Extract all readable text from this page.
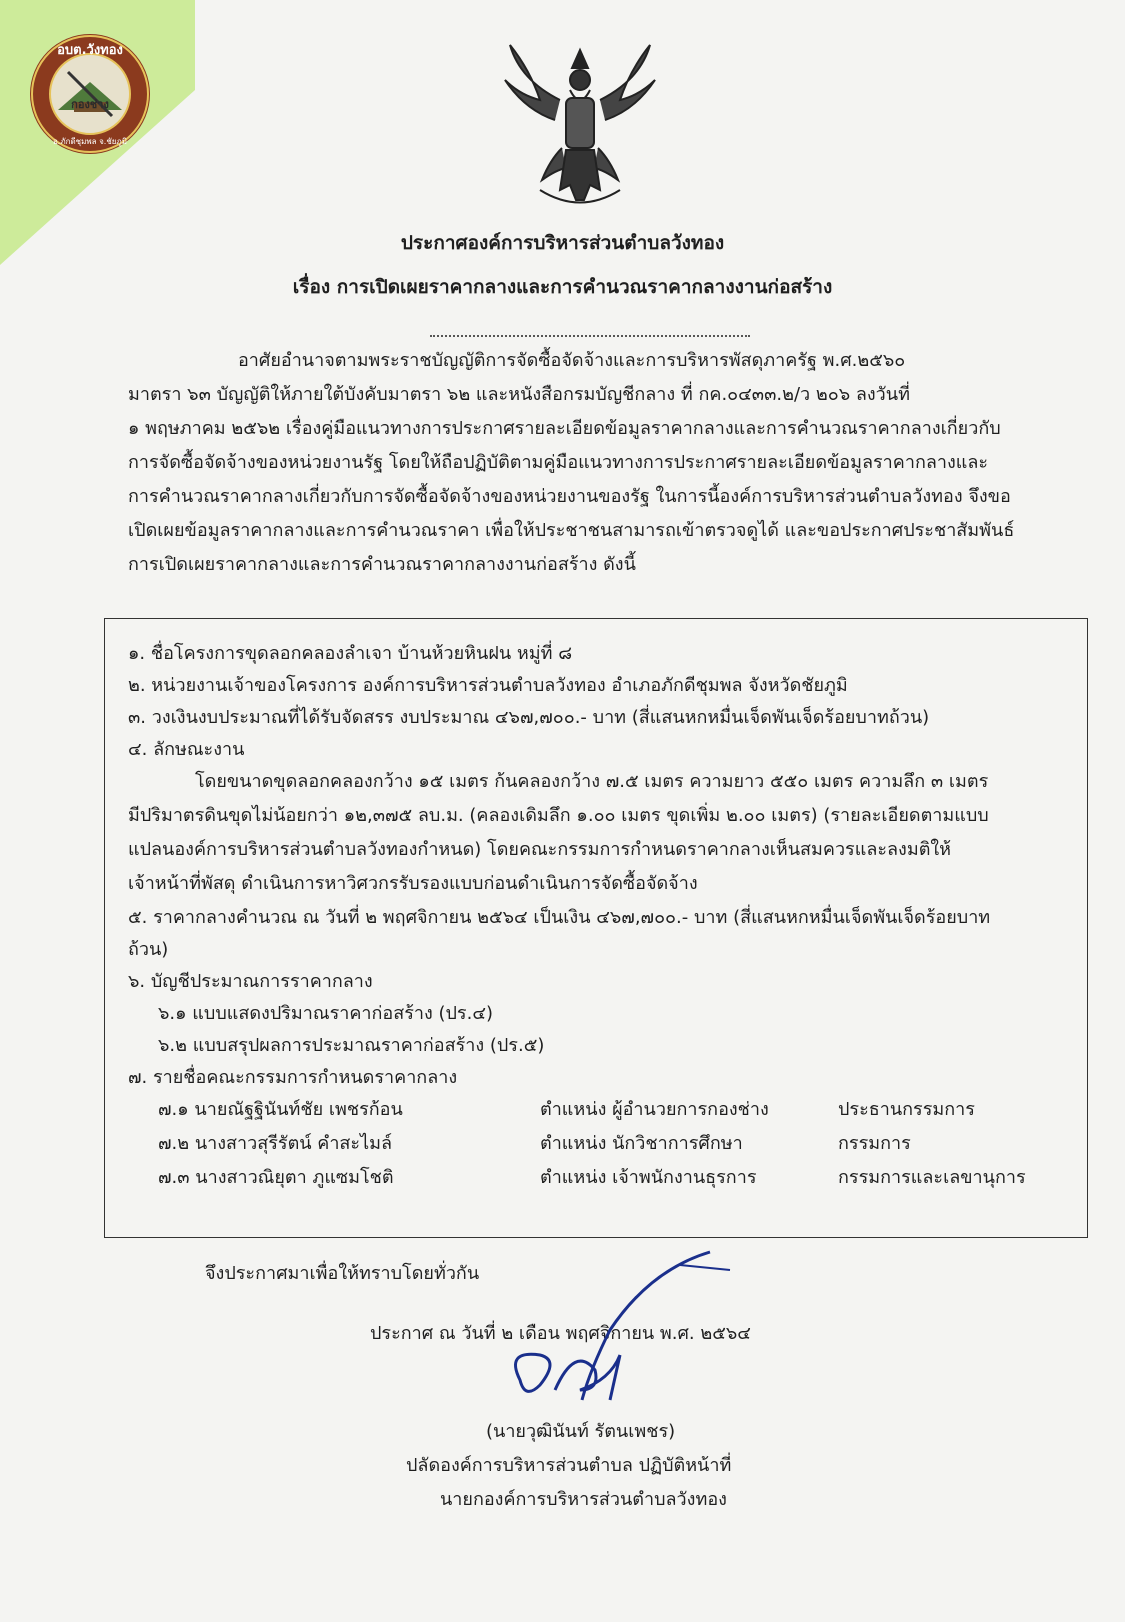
อบต.วังทอง
กองช่าง
อ.ภักดีชุมพล จ.ชัยภูมิ
ประกาศองค์การบริหารส่วนตำบลวังทอง
เรื่อง การเปิดเผยราคากลางและการคำนวณราคากลางงานก่อสร้าง
อาศัยอำนาจตามพระราชบัญญัติการจัดซื้อจัดจ้างและการบริหารพัสดุภาครัฐ พ.ศ.๒๕๖๐
มาตรา ๖๓ บัญญัติให้ภายใต้บังคับมาตรา ๖๒ และหนังสือกรมบัญชีกลาง ที่ กค.๐๔๓๓.๒/ว ๒๐๖ ลงวันที่
๑ พฤษภาคม ๒๕๖๒ เรื่องคู่มือแนวทางการประกาศรายละเอียดข้อมูลราคากลางและการคำนวณราคากลางเกี่ยวกับ
การจัดซื้อจัดจ้างของหน่วยงานรัฐ โดยให้ถือปฏิบัติตามคู่มือแนวทางการประกาศรายละเอียดข้อมูลราคากลางและ
การคำนวณราคากลางเกี่ยวกับการจัดซื้อจัดจ้างของหน่วยงานของรัฐ ในการนี้องค์การบริหารส่วนตำบลวังทอง จึงขอ
เปิดเผยข้อมูลราคากลางและการคำนวณราคา เพื่อให้ประชาชนสามารถเข้าตรวจดูได้ และขอประกาศประชาสัมพันธ์
การเปิดเผยราคากลางและการคำนวณราคากลางงานก่อสร้าง ดังนี้
๑. ชื่อโครงการขุดลอกคลองลำเจา บ้านห้วยหินฝน หมู่ที่ ๘
๒. หน่วยงานเจ้าของโครงการ องค์การบริหารส่วนตำบลวังทอง อำเภอภักดีชุมพล จังหวัดชัยภูมิ
๓. วงเงินงบประมาณที่ได้รับจัดสรร งบประมาณ ๔๖๗,๗๐๐.- บาท (สี่แสนหกหมื่นเจ็ดพันเจ็ดร้อยบาทถ้วน)
๔. ลักษณะงาน
โดยขนาดขุดลอกคลองกว้าง ๑๕ เมตร ก้นคลองกว้าง ๗.๕ เมตร ความยาว ๕๕๐ เมตร ความลึก ๓ เมตร
มีปริมาตรดินขุดไม่น้อยกว่า ๑๒,๓๗๕ ลบ.ม. (คลองเดิมลึก ๑.๐๐ เมตร ขุดเพิ่ม ๒.๐๐ เมตร) (รายละเอียดตามแบบ
แปลนองค์การบริหารส่วนตำบลวังทองกำหนด) โดยคณะกรรมการกำหนดราคากลางเห็นสมควรและลงมติให้
เจ้าหน้าที่พัสดุ ดำเนินการหาวิศวกรรับรองแบบก่อนดำเนินการจัดซื้อจัดจ้าง
๕. ราคากลางคำนวณ ณ วันที่ ๒ พฤศจิกายน ๒๕๖๔ เป็นเงิน ๔๖๗,๗๐๐.- บาท (สี่แสนหกหมื่นเจ็ดพันเจ็ดร้อยบาท
ถ้วน)
๖. บัญชีประมาณการราคากลาง
๖.๑ แบบแสดงปริมาณราคาก่อสร้าง (ปร.๔)
๖.๒ แบบสรุปผลการประมาณราคาก่อสร้าง (ปร.๕)
๗. รายชื่อคณะกรรมการกำหนดราคากลาง
๗.๑ นายณัฐฐินันท์ชัย เพชรก้อน	ตำแหน่ง ผู้อำนวยการกองช่าง	ประธานกรรมการ
๗.๒ นางสาวสุรีรัตน์ คำสะไมล์	ตำแหน่ง นักวิชาการศึกษา	กรรมการ
๗.๓ นางสาวณิยุตา ภูแซมโชติ	ตำแหน่ง เจ้าพนักงานธุรการ	กรรมการและเลขานุการ
จึงประกาศมาเพื่อให้ทราบโดยทั่วกัน
ประกาศ ณ วันที่ ๒ เดือน พฤศจิกายน พ.ศ. ๒๕๖๔
(นายวุฒินันท์ รัตนเพชร)
ปลัดองค์การบริหารส่วนตำบล ปฏิบัติหน้าที่
นายกองค์การบริหารส่วนตำบลวังทอง
